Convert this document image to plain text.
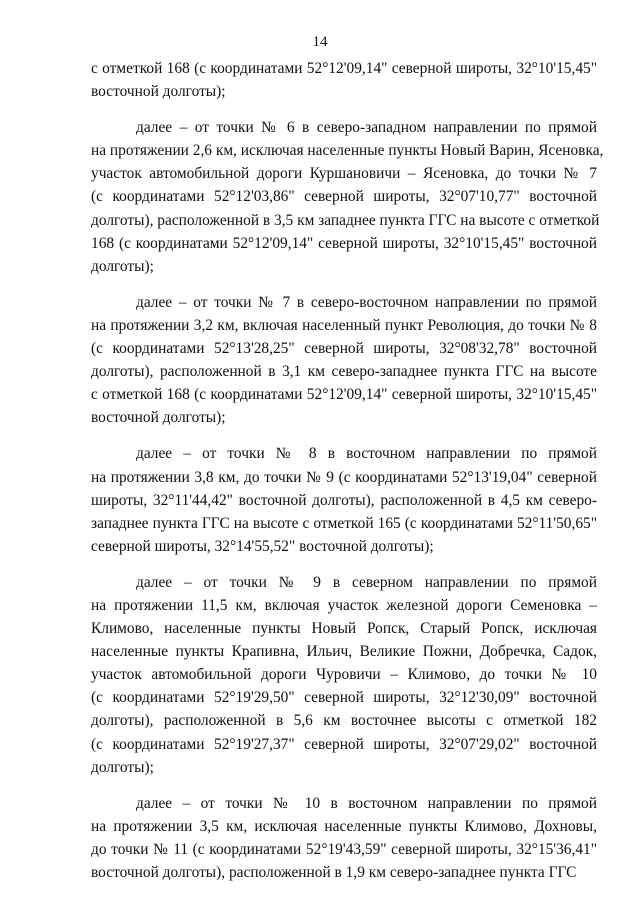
14
с отметкой 168 (с координатами 52°12'09,14" северной широты, 32°10'15,45"
восточной долготы);
далее – от точки № 6 в северо-западном направлении по прямой
на протяжении 2,6 км, исключая населенные пункты Новый Варин, Ясеновка,
участок автомобильной дороги Куршановичи – Ясеновка, до точки № 7
(с координатами 52°12'03,86" северной широты, 32°07'10,77" восточной
долготы), расположенной в 3,5 км западнее пункта ГГС на высоте с отметкой
168 (с координатами 52°12'09,14" северной широты, 32°10'15,45" восточной
долготы);
далее – от точки № 7 в северо-восточном направлении по прямой
на протяжении 3,2 км, включая населенный пункт Революция, до точки № 8
(с координатами 52°13'28,25" северной широты, 32°08'32,78" восточной
долготы), расположенной в 3,1 км северо-западнее пункта ГГС на высоте
с отметкой 168 (с координатами 52°12'09,14" северной широты, 32°10'15,45"
восточной долготы);
далее – от точки № 8 в восточном направлении по прямой
на протяжении 3,8 км, до точки № 9 (с координатами 52°13'19,04" северной
широты, 32°11'44,42" восточной долготы), расположенной в 4,5 км северо-
западнее пункта ГГС на высоте с отметкой 165 (с координатами 52°11'50,65"
северной широты, 32°14'55,52" восточной долготы);
далее – от точки № 9 в северном направлении по прямой
на протяжении 11,5 км, включая участок железной дороги Семеновка –
Климово, населенные пункты Новый Ропск, Старый Ропск, исключая
населенные пункты Крапивна, Ильич, Великие Пожни, Добречка, Садок,
участок автомобильной дороги Чуровичи – Климово, до точки № 10
(с координатами 52°19'29,50" северной широты, 32°12'30,09" восточной
долготы), расположенной в 5,6 км восточнее высоты с отметкой 182
(с координатами 52°19'27,37" северной широты, 32°07'29,02" восточной
долготы);
далее – от точки № 10 в восточном направлении по прямой
на протяжении 3,5 км, исключая населенные пункты Климово, Дохновы,
до точки № 11 (с координатами 52°19'43,59" северной широты, 32°15'36,41"
восточной долготы), расположенной в 1,9 км северо-западнее пункта ГГС
